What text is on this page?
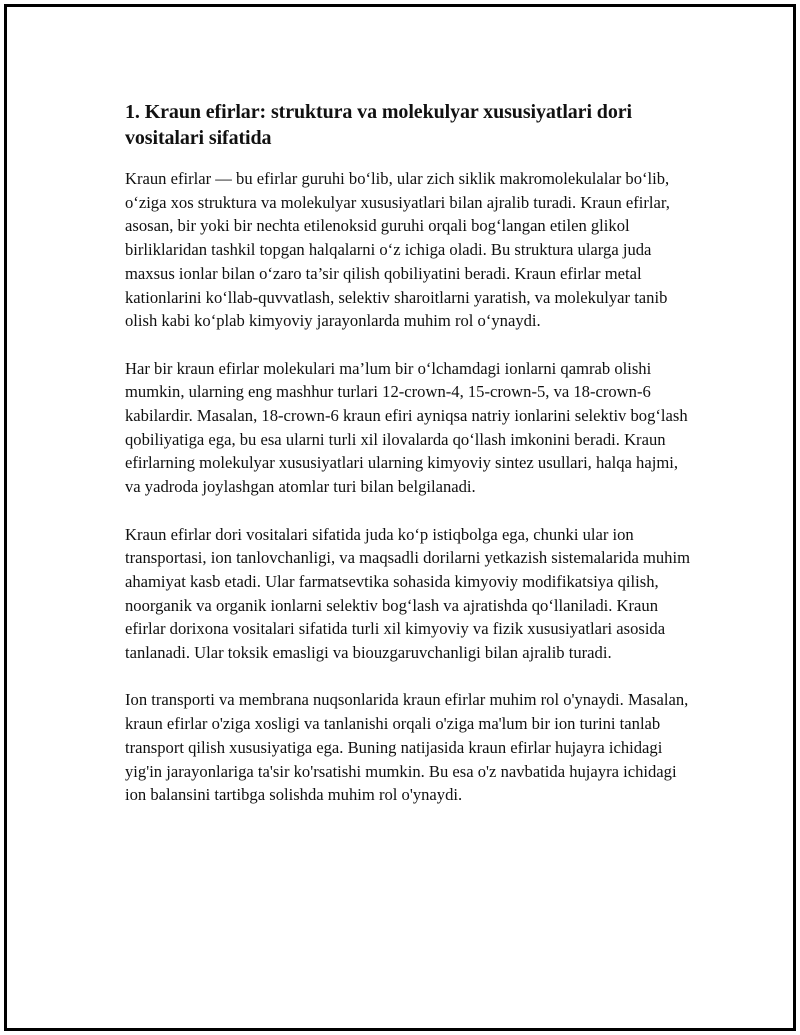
1. Kraun efirlar: struktura va molekulyar xususiyatlari dori vositalari sifatida

Kraun efirlar — bu efirlar guruhi bo‘lib, ular zich siklik makromolekulalar bo‘lib, o‘ziga xos struktura va molekulyar xususiyatlari bilan ajralib turadi. Kraun efirlar, asosan, bir yoki bir nechta etilenoksid guruhi orqali bog‘langan etilen glikol birliklaridan tashkil topgan halqalarni o‘z ichiga oladi. Bu struktura ularga juda maxsus ionlar bilan o‘zaro ta’sir qilish qobiliyatini beradi. Kraun efirlar metal kationlarini ko‘llab-quvvatlash, selektiv sharoitlarni yaratish, va molekulyar tanib olish kabi ko‘plab kimyoviy jarayonlarda muhim rol o‘ynaydi.

Har bir kraun efirlar molekulari ma’lum bir o‘lchamdagi ionlarni qamrab olishi mumkin, ularning eng mashhur turlari 12-crown-4, 15-crown-5, va 18-crown-6 kabilardir. Masalan, 18-crown-6 kraun efiri ayniqsa natriy ionlarini selektiv bog‘lash qobiliyatiga ega, bu esa ularni turli xil ilovalarda qo‘llash imkonini beradi. Kraun efirlarning molekulyar xususiyatlari ularning kimyoviy sintez usullari, halqa hajmi, va yadroda joylashgan atomlar turi bilan belgilanadi.

Kraun efirlar dori vositalari sifatida juda ko‘p istiqbolga ega, chunki ular ion transportasi, ion tanlovchanligi, va maqsadli dorilarni yetkazish sistemalarida muhim ahamiyat kasb etadi. Ular farmatsevtika sohasida kimyoviy modifikatsiya qilish, noorganik va organik ionlarni selektiv bog‘lash va ajratishda qo‘llaniladi. Kraun efirlar dorixona vositalari sifatida turli xil kimyoviy va fizik xususiyatlari asosida tanlanadi. Ular toksik emasligi va biouzgaruvchanligi bilan ajralib turadi.

Ion transporti va membrana nuqsonlarida kraun efirlar muhim rol o'ynaydi. Masalan, kraun efirlar o'ziga xosligi va tanlanishi orqali o'ziga ma'lum bir ion turini tanlab transport qilish xususiyatiga ega. Buning natijasida kraun efirlar hujayra ichidagi yig'in jarayonlariga ta'sir ko'rsatishi mumkin. Bu esa o'z navbatida hujayra ichidagi ion balansini tartibga solishda muhim rol o'ynaydi.
